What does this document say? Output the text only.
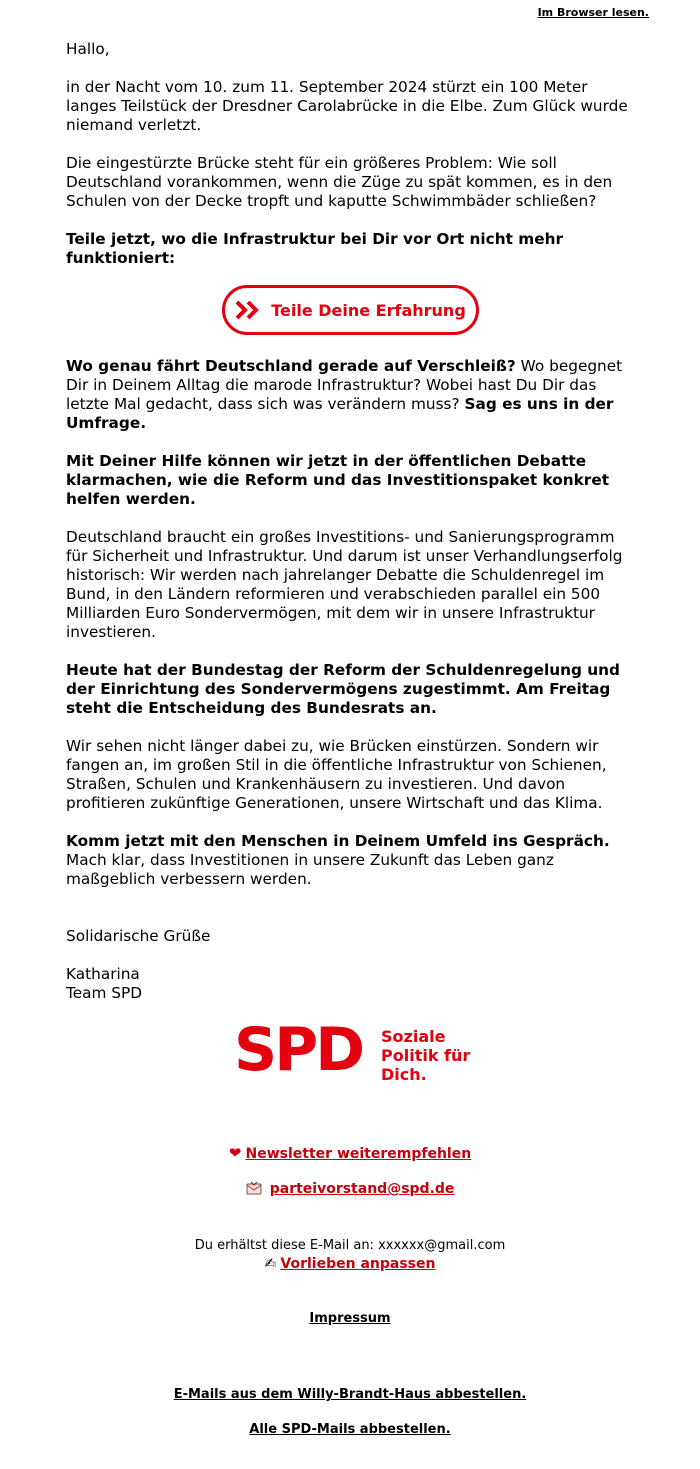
Im Browser lesen.

Hallo,

in der Nacht vom 10. zum 11. September 2024 stürzt ein 100 Meter langes Teilstück der Dresdner Carolabrücke in die Elbe. Zum Glück wurde niemand verletzt.

Die eingestürzte Brücke steht für ein größeres Problem: Wie soll Deutschland vorankommen, wenn die Züge zu spät kommen, es in den Schulen von der Decke tropft und kaputte Schwimmbäder schließen?

Teile jetzt, wo die Infrastruktur bei Dir vor Ort nicht mehr funktioniert:

Teile Deine Erfahrung

Wo genau fährt Deutschland gerade auf Verschleiß? Wo begegnet Dir in Deinem Alltag die marode Infrastruktur? Wobei hast Du Dir das letzte Mal gedacht, dass sich was verändern muss? Sag es uns in der Umfrage.

Mit Deiner Hilfe können wir jetzt in der öffentlichen Debatte klarmachen, wie die Reform und das Investitionspaket konkret helfen werden.

Deutschland braucht ein großes Investitions- und Sanierungsprogramm für Sicherheit und Infrastruktur. Und darum ist unser Verhandlungserfolg historisch: Wir werden nach jahrelanger Debatte die Schuldenregel im Bund, in den Ländern reformieren und verabschieden parallel ein 500 Milliarden Euro Sondervermögen, mit dem wir in unsere Infrastruktur investieren.

Heute hat der Bundestag der Reform der Schuldenregelung und der Einrichtung des Sondervermögens zugestimmt. Am Freitag steht die Entscheidung des Bundesrats an.

Wir sehen nicht länger dabei zu, wie Brücken einstürzen. Sondern wir fangen an, im großen Stil in die öffentliche Infrastruktur von Schienen, Straßen, Schulen und Krankenhäusern zu investieren. Und davon profitieren zukünftige Generationen, unsere Wirtschaft und das Klima.

Komm jetzt mit den Menschen in Deinem Umfeld ins Gespräch. Mach klar, dass Investitionen in unsere Zukunft das Leben ganz maßgeblich verbessern werden.

Solidarische Grüße

Katharina

Team SPD

SPD Soziale
Politik für
Dich.
❤ Newsletter weiterempfehlen
parteivorstand@spd.de
Du erhältst diese E-Mail an: xxxxxx@gmail.com
✍ Vorlieben anpassen
Impressum
E-Mails aus dem Willy-Brandt-Haus abbestellen.
Alle SPD-Mails abbestellen.
